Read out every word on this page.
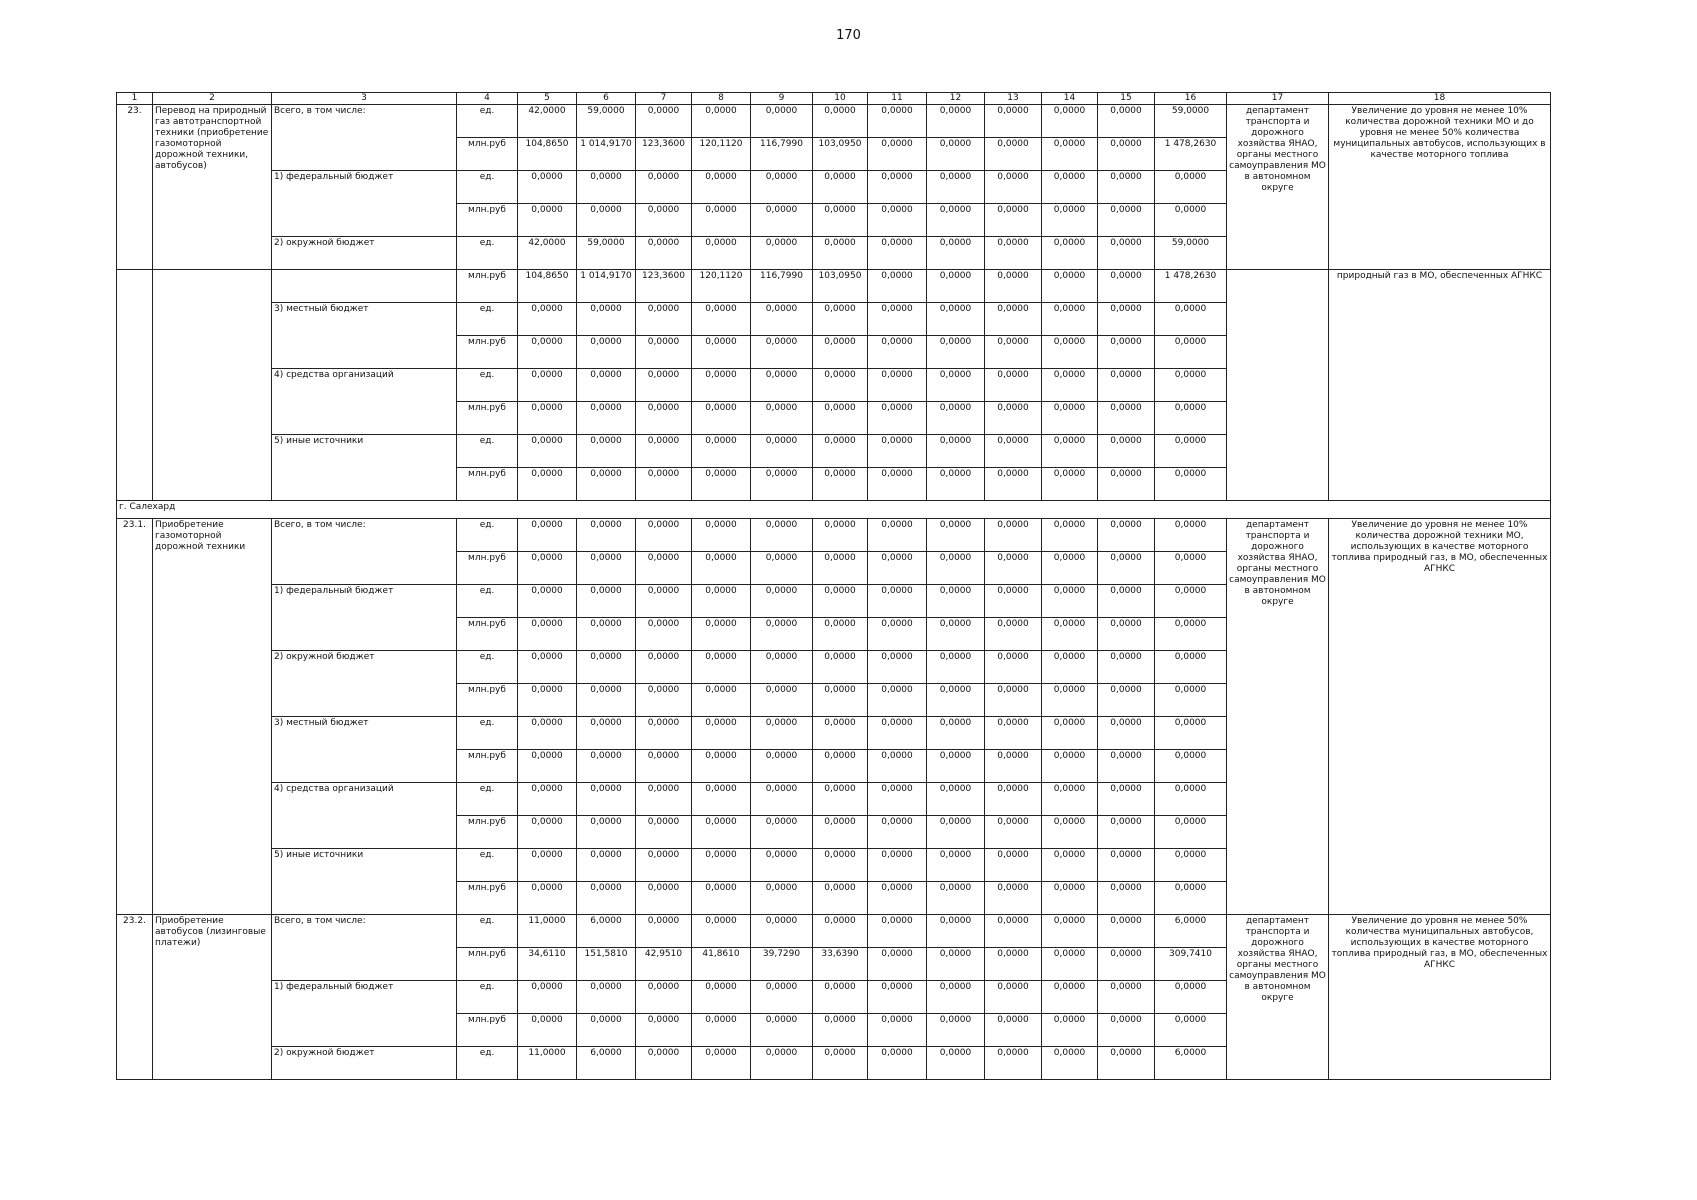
170
1	2	3	4	5	6	7	8	9	10	11	12	13	14	15	16	17	18
23.	Перевод на природный газ автотранспортной техники (приобретение газомоторной дорожной техники, автобусов)	Всего, в том числе:	ед.	42,0000	59,0000	0,0000	0,0000	0,0000	0,0000	0,0000	0,0000	0,0000	0,0000	0,0000	59,0000	департамент транспорта и дорожного хозяйства ЯНАО, органы местного самоуправления МО в автономном округе	Увеличение до уровня не менее 10% количества дорожной техники МО и до уровня не менее 50% количества муниципальных автобусов, использующих в качестве моторного топлива
			млн.руб	104,8650	1 014,9170	123,3600	120,1120	116,7990	103,0950	0,0000	0,0000	0,0000	0,0000	0,0000	1 478,2630		
		1) федеральный бюджет	ед.	0,0000	0,0000	0,0000	0,0000	0,0000	0,0000	0,0000	0,0000	0,0000	0,0000	0,0000	0,0000		
			млн.руб	0,0000	0,0000	0,0000	0,0000	0,0000	0,0000	0,0000	0,0000	0,0000	0,0000	0,0000	0,0000		
		2) окружной бюджет	ед.	42,0000	59,0000	0,0000	0,0000	0,0000	0,0000	0,0000	0,0000	0,0000	0,0000	0,0000	59,0000		
			млн.руб	104,8650	1 014,9170	123,3600	120,1120	116,7990	103,0950	0,0000	0,0000	0,0000	0,0000	0,0000	1 478,2630		природный газ в МО, обеспеченных АГНКС
		3) местный бюджет	ед.	0,0000	0,0000	0,0000	0,0000	0,0000	0,0000	0,0000	0,0000	0,0000	0,0000	0,0000	0,0000		
			млн.руб	0,0000	0,0000	0,0000	0,0000	0,0000	0,0000	0,0000	0,0000	0,0000	0,0000	0,0000	0,0000		
		4) средства организаций	ед.	0,0000	0,0000	0,0000	0,0000	0,0000	0,0000	0,0000	0,0000	0,0000	0,0000	0,0000	0,0000		
			млн.руб	0,0000	0,0000	0,0000	0,0000	0,0000	0,0000	0,0000	0,0000	0,0000	0,0000	0,0000	0,0000		
		5) иные источники	ед.	0,0000	0,0000	0,0000	0,0000	0,0000	0,0000	0,0000	0,0000	0,0000	0,0000	0,0000	0,0000		
			млн.руб	0,0000	0,0000	0,0000	0,0000	0,0000	0,0000	0,0000	0,0000	0,0000	0,0000	0,0000	0,0000		
г. Салехард																	
23.1.	Приобретение газомоторной дорожной техники	Всего, в том числе:	ед.	0,0000	0,0000	0,0000	0,0000	0,0000	0,0000	0,0000	0,0000	0,0000	0,0000	0,0000	0,0000	департамент транспорта и дорожного хозяйства ЯНАО, органы местного самоуправления МО в автономном округе	Увеличение до уровня не менее 10% количества дорожной техники МО, использующих в качестве моторного топлива природный газ, в МО, обеспеченных АГНКС
			млн.руб	0,0000	0,0000	0,0000	0,0000	0,0000	0,0000	0,0000	0,0000	0,0000	0,0000	0,0000	0,0000		
		1) федеральный бюджет	ед.	0,0000	0,0000	0,0000	0,0000	0,0000	0,0000	0,0000	0,0000	0,0000	0,0000	0,0000	0,0000		
			млн.руб	0,0000	0,0000	0,0000	0,0000	0,0000	0,0000	0,0000	0,0000	0,0000	0,0000	0,0000	0,0000		
		2) окружной бюджет	ед.	0,0000	0,0000	0,0000	0,0000	0,0000	0,0000	0,0000	0,0000	0,0000	0,0000	0,0000	0,0000		
			млн.руб	0,0000	0,0000	0,0000	0,0000	0,0000	0,0000	0,0000	0,0000	0,0000	0,0000	0,0000	0,0000		
		3) местный бюджет	ед.	0,0000	0,0000	0,0000	0,0000	0,0000	0,0000	0,0000	0,0000	0,0000	0,0000	0,0000	0,0000		
			млн.руб	0,0000	0,0000	0,0000	0,0000	0,0000	0,0000	0,0000	0,0000	0,0000	0,0000	0,0000	0,0000		
		4) средства организаций	ед.	0,0000	0,0000	0,0000	0,0000	0,0000	0,0000	0,0000	0,0000	0,0000	0,0000	0,0000	0,0000		
			млн.руб	0,0000	0,0000	0,0000	0,0000	0,0000	0,0000	0,0000	0,0000	0,0000	0,0000	0,0000	0,0000		
		5) иные источники	ед.	0,0000	0,0000	0,0000	0,0000	0,0000	0,0000	0,0000	0,0000	0,0000	0,0000	0,0000	0,0000		
			млн.руб	0,0000	0,0000	0,0000	0,0000	0,0000	0,0000	0,0000	0,0000	0,0000	0,0000	0,0000	0,0000		
23.2.	Приобретение автобусов (лизинговые платежи)	Всего, в том числе:	ед.	11,0000	6,0000	0,0000	0,0000	0,0000	0,0000	0,0000	0,0000	0,0000	0,0000	0,0000	6,0000	департамент транспорта и дорожного хозяйства ЯНАО, органы местного самоуправления МО в автономном округе	Увеличение до уровня не менее 50% количества муниципальных автобусов, использующих в качестве моторного топлива природный газ, в МО, обеспеченных АГНКС
			млн.руб	34,6110	151,5810	42,9510	41,8610	39,7290	33,6390	0,0000	0,0000	0,0000	0,0000	0,0000	309,7410		
		1) федеральный бюджет	ед.	0,0000	0,0000	0,0000	0,0000	0,0000	0,0000	0,0000	0,0000	0,0000	0,0000	0,0000	0,0000		
			млн.руб	0,0000	0,0000	0,0000	0,0000	0,0000	0,0000	0,0000	0,0000	0,0000	0,0000	0,0000	0,0000		
		2) окружной бюджет	ед.	11,0000	6,0000	0,0000	0,0000	0,0000	0,0000	0,0000	0,0000	0,0000	0,0000	0,0000	6,0000		
